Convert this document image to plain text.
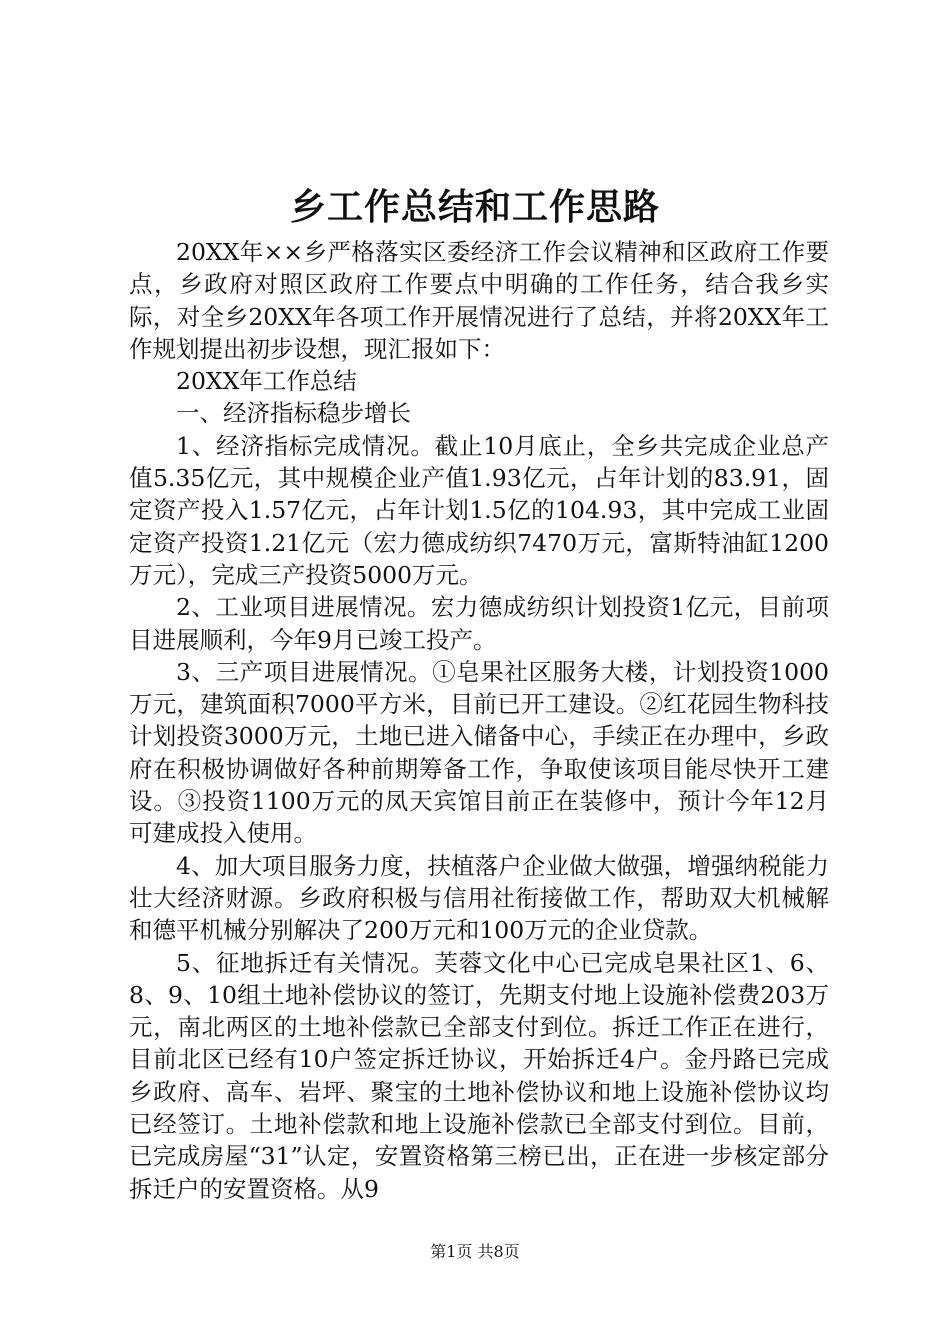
乡工作总结和工作思路

20XX年××乡严格落实区委经济工作会议精神和区政府工作要点，乡政府对照区政府工作要点中明确的工作任务，结合我乡实际，对全乡20XX年各项工作开展情况进行了总结，并将20XX年工作规划提出初步设想，现汇报如下：

20XX年工作总结

一、经济指标稳步增长

1、经济指标完成情况。截止10月底止，全乡共完成企业总产值5.35亿元，其中规模企业产值1.93亿元，占年计划的83.91，固定资产投入1.57亿元，占年计划1.5亿的104.93，其中完成工业固定资产投资1.21亿元（宏力德成纺织7470万元，富斯特油缸1200万元），完成三产投资5000万元。

2、工业项目进展情况。宏力德成纺织计划投资1亿元，目前项目进展顺利，今年9月已竣工投产。

3、三产项目进展情况。①皂果社区服务大楼，计划投资1000万元，建筑面积7000平方米，目前已开工建设。②红花园生物科技计划投资3000万元，土地已进入储备中心，手续正在办理中，乡政府在积极协调做好各种前期筹备工作，争取使该项目能尽快开工建设。③投资1100万元的凤天宾馆目前正在装修中，预计今年12月可建成投入使用。

4、加大项目服务力度，扶植落户企业做大做强，增强纳税能力壮大经济财源。乡政府积极与信用社衔接做工作，帮助双大机械解和德平机械分别解决了200万元和100万元的企业贷款。

5、征地拆迁有关情况。芙蓉文化中心已完成皂果社区1、6、8、9、10组土地补偿协议的签订，先期支付地上设施补偿费203万元，南北两区的土地补偿款已全部支付到位。拆迁工作正在进行，目前北区已经有10户签定拆迁协议，开始拆迁4户。金丹路已完成乡政府、高车、岩坪、聚宝的土地补偿协议和地上设施补偿协议均已经签订。土地补偿款和地上设施补偿款已全部支付到位。目前，已完成房屋“31”认定，安置资格第三榜已出，正在进一步核定部分拆迁户的安置资格。从9

第1页 共8页
